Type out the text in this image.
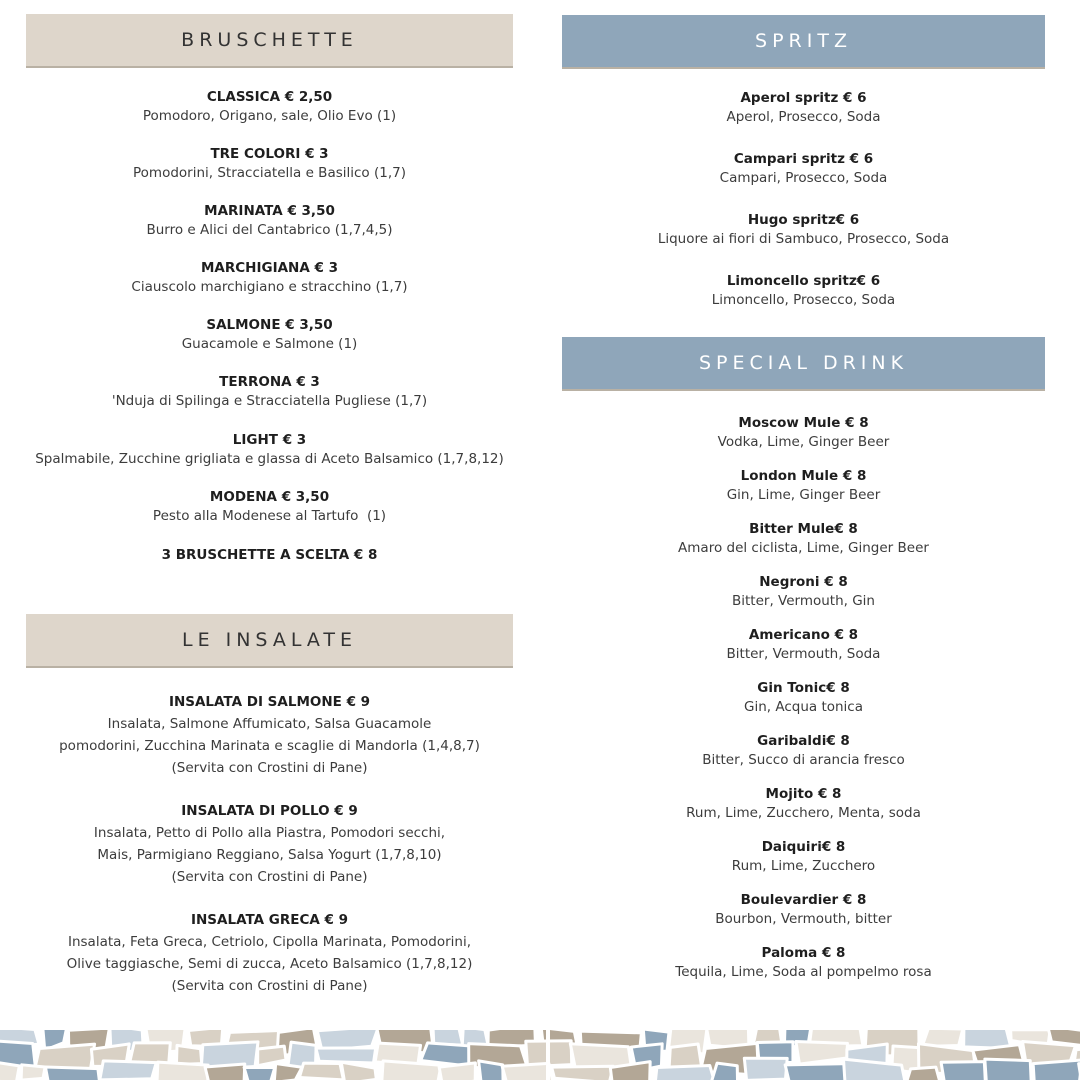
BRUSCHETTE
CLASSICA € 2,50
Pomodoro, Origano, sale, Olio Evo (1)
TRE COLORI € 3
Pomodorini, Stracciatella e Basilico (1,7)
MARINATA € 3,50
Burro e Alici del Cantabrico (1,7,4,5)
MARCHIGIANA € 3
Ciauscolo marchigiano e stracchino (1,7)
SALMONE € 3,50
Guacamole e Salmone (1)
TERRONA € 3
'Nduja di Spilinga e Stracciatella Pugliese (1,7)
LIGHT € 3
Spalmabile, Zucchine grigliata e glassa di Aceto Balsamico (1,7,8,12)
MODENA € 3,50
Pesto alla Modenese al Tartufo  (1)
3 BRUSCHETTE A SCELTA € 8
LE INSALATE
INSALATA DI SALMONE € 9
Insalata, Salmone Affumicato, Salsa Guacamole
pomodorini, Zucchina Marinata e scaglie di Mandorla (1,4,8,7)
(Servita con Crostini di Pane)
INSALATA DI POLLO € 9
Insalata, Petto di Pollo alla Piastra, Pomodori secchi,
Mais, Parmigiano Reggiano, Salsa Yogurt (1,7,8,10)
(Servita con Crostini di Pane)
INSALATA GRECA € 9
Insalata, Feta Greca, Cetriolo, Cipolla Marinata, Pomodorini,
Olive taggiasche, Semi di zucca, Aceto Balsamico (1,7,8,12)
(Servita con Crostini di Pane)
SPRITZ
Aperol spritz € 6
Aperol, Prosecco, Soda
Campari spritz € 6
Campari, Prosecco, Soda
Hugo spritz€ 6
Liquore ai fiori di Sambuco, Prosecco, Soda
Limoncello spritz€ 6
Limoncello, Prosecco, Soda
SPECIAL DRINK
Moscow Mule € 8
Vodka, Lime, Ginger Beer
London Mule € 8
Gin, Lime, Ginger Beer
Bitter Mule€ 8
Amaro del ciclista, Lime, Ginger Beer
Negroni € 8
Bitter, Vermouth, Gin
Americano € 8
Bitter, Vermouth, Soda
Gin Tonic€ 8
Gin, Acqua tonica
Garibaldi€ 8
Bitter, Succo di arancia fresco
Mojito € 8
Rum, Lime, Zucchero, Menta, soda
Daiquiri€ 8
Rum, Lime, Zucchero
Boulevardier € 8
Bourbon, Vermouth, bitter
Paloma € 8
Tequila, Lime, Soda al pompelmo rosa
